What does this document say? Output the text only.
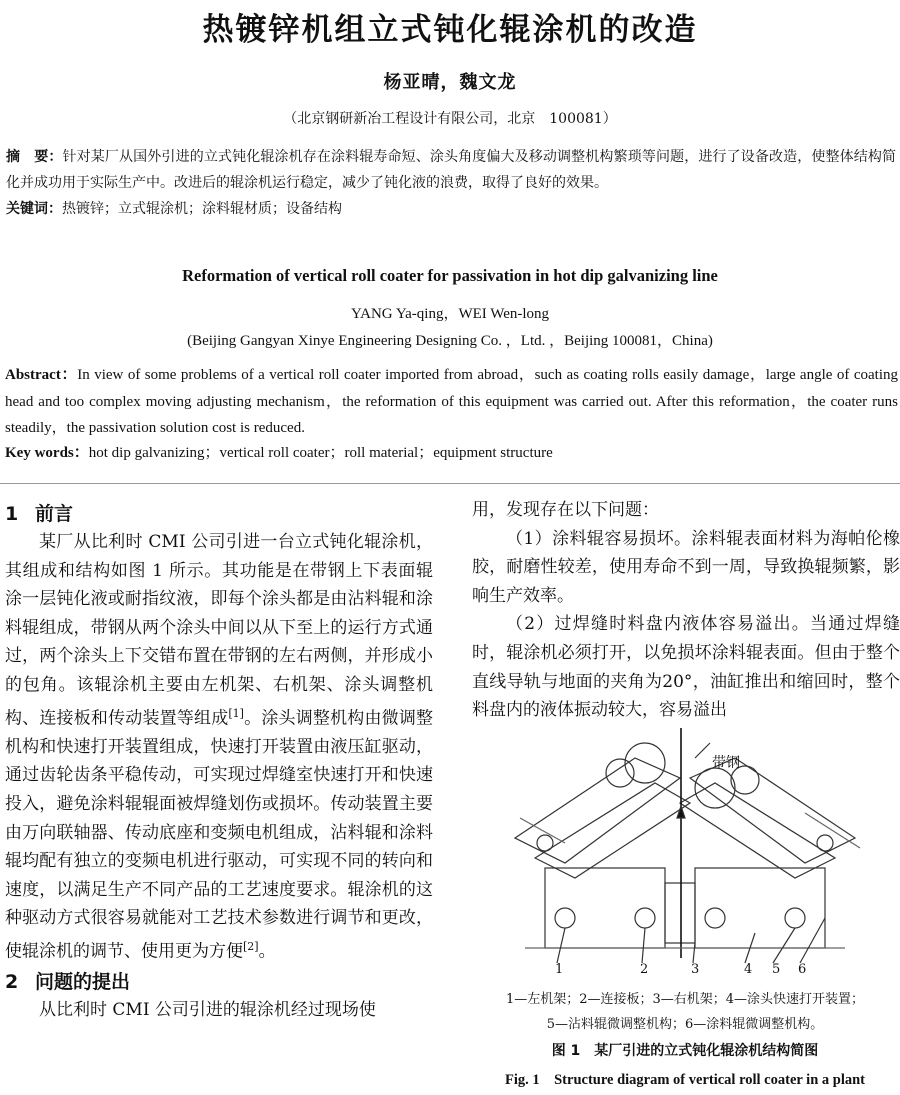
热镀锌机组立式钝化辊涂机的改造
杨亚晴，魏文龙
（北京钢研新冶工程设计有限公司，北京　100081）
摘　要：针对某厂从国外引进的立式钝化辊涂机存在涂料辊寿命短、涂头角度偏大及移动调整机构繁琐等问题，进行了设备改造，使整体结构简化并成功用于实际生产中。改进后的辊涂机运行稳定，减少了钝化液的浪费，取得了良好的效果。
关键词：热镀锌；立式辊涂机；涂料辊材质；设备结构
Reformation of vertical roll coater for passivation in hot dip galvanizing line
YANG Ya-qing，WEI Wen-long
(Beijing Gangyan Xinye Engineering Designing Co. ，Ltd. ，Beijing 100081，China)
Abstract：In view of some problems of a vertical roll coater imported from abroad，such as coating rolls easily damage，large angle of coating head and too complex moving adjusting mechanism，the reformation of this equipment was carried out. After this reformation，the coater runs steadily，the passivation solution cost is reduced.
Key words：hot dip galvanizing；vertical roll coater；roll material；equipment structure
1 前言

某厂从比利时 CMI 公司引进一台立式钝化辊涂机，其组成和结构如图 1 所示。其功能是在带钢上下表面辊涂一层钝化液或耐指纹液，即每个涂头都是由沾料辊和涂料辊组成，带钢从两个涂头中间以从下至上的运行方式通过，两个涂头上下交错布置在带钢的左右两侧，并形成小的包角。该辊涂机主要由左机架、右机架、涂头调整机构、连接板和传动装置等组成[1]。涂头调整机构由微调整机构和快速打开装置组成，快速打开装置由液压缸驱动，通过齿轮齿条平稳传动，可实现过焊缝室快速打开和快速投入，避免涂料辊辊面被焊缝划伤或损坏。传动装置主要由万向联轴器、传动底座和变频电机组成，沾料辊和涂料辊均配有独立的变频电机进行驱动，可实现不同的转向和速度，以满足生产不同产品的工艺速度要求。辊涂机的这种驱动方式很容易就能对工艺技术参数进行调节和更改，使辊涂机的调节、使用更为方便[2]。

2 问题的提出

从比利时 CMI 公司引进的辊涂机经过现场使

用，发现存在以下问题：

（1）涂料辊容易损坏。涂料辊表面材料为海帕伦橡胶，耐磨性较差，使用寿命不到一周，导致换辊频繁，影响生产效率。

（2）过焊缝时料盘内液体容易溢出。当通过焊缝时，辊涂机必须打开，以免损坏涂料辊表面。但由于整个直线导轨与地面的夹角为20°，油缸推出和缩回时，整个料盘内的液体振动较大，容易溢出

带钢
1	2	3	4 5 6
1—左机架；2—连接板；3—右机架；4—涂头快速打开装置；
5—沾料辊微调整机构；6—涂料辊微调整机构。
图 1　某厂引进的立式钝化辊涂机结构简图
Fig. 1　Structure diagram of vertical roll coater in a plant
